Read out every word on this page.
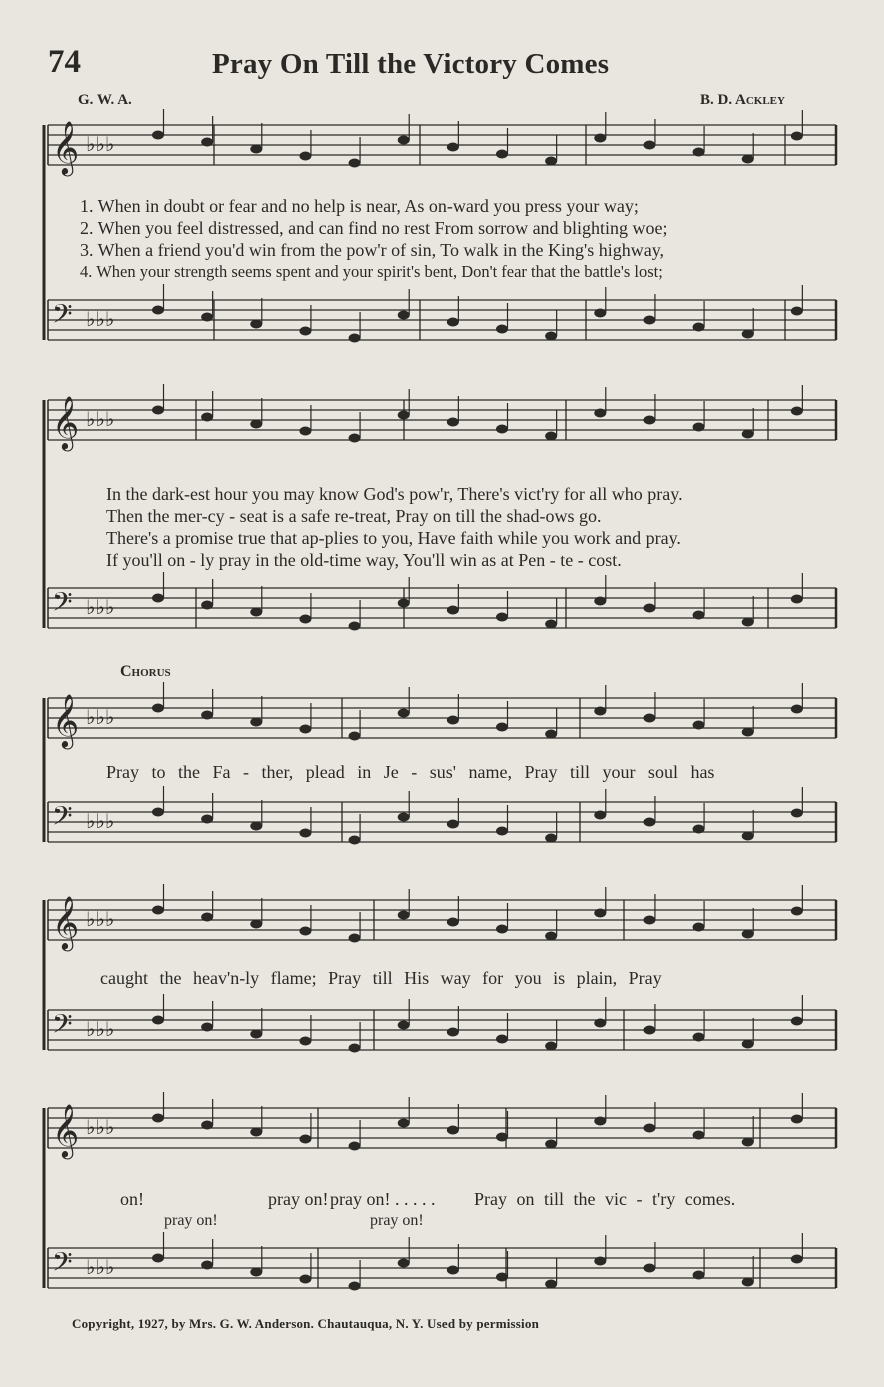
74	Pray On Till the Victory Comes
G. W. A.	B. D. Ackley
𝄞 ♭♭♭
𝄢 ♭♭♭
𝄞 ♭♭♭
𝄢 ♭♭♭
𝄞 ♭♭♭
𝄢 ♭♭♭
𝄞 ♭♭♭
𝄢 ♭♭♭
𝄞 ♭♭♭
𝄢 ♭♭♭
1. When in doubt or fear and no help is near, As on-ward you press your way;
2. When you feel distressed, and can find no rest From sorrow and blighting woe;
3. When a friend you'd win from the pow'r of sin, To walk in the King's highway,
4. When your strength seems spent and your spirit's bent, Don't fear that the battle's lost;
In the dark-est hour you may know God's pow'r, There's vict'ry for all who pray.
Then the mer-cy - seat is a safe re-treat, Pray on till the shad-ows go.
There's a promise true that ap-plies to you, Have faith while you work and pray.
If you'll on - ly pray in the old-time way, You'll win as at Pen - te - cost.
Chorus
Pray to the Fa - ther, plead in Je - sus' name, Pray till your soul has
caught the heav'n-ly flame; Pray till His way for you is plain, Pray
on!	pray on! pray on! . . . . . Pray on till the vic - t'ry comes.
pray on!	pray on!
Copyright, 1927, by Mrs. G. W. Anderson. Chautauqua, N. Y. Used by permission
